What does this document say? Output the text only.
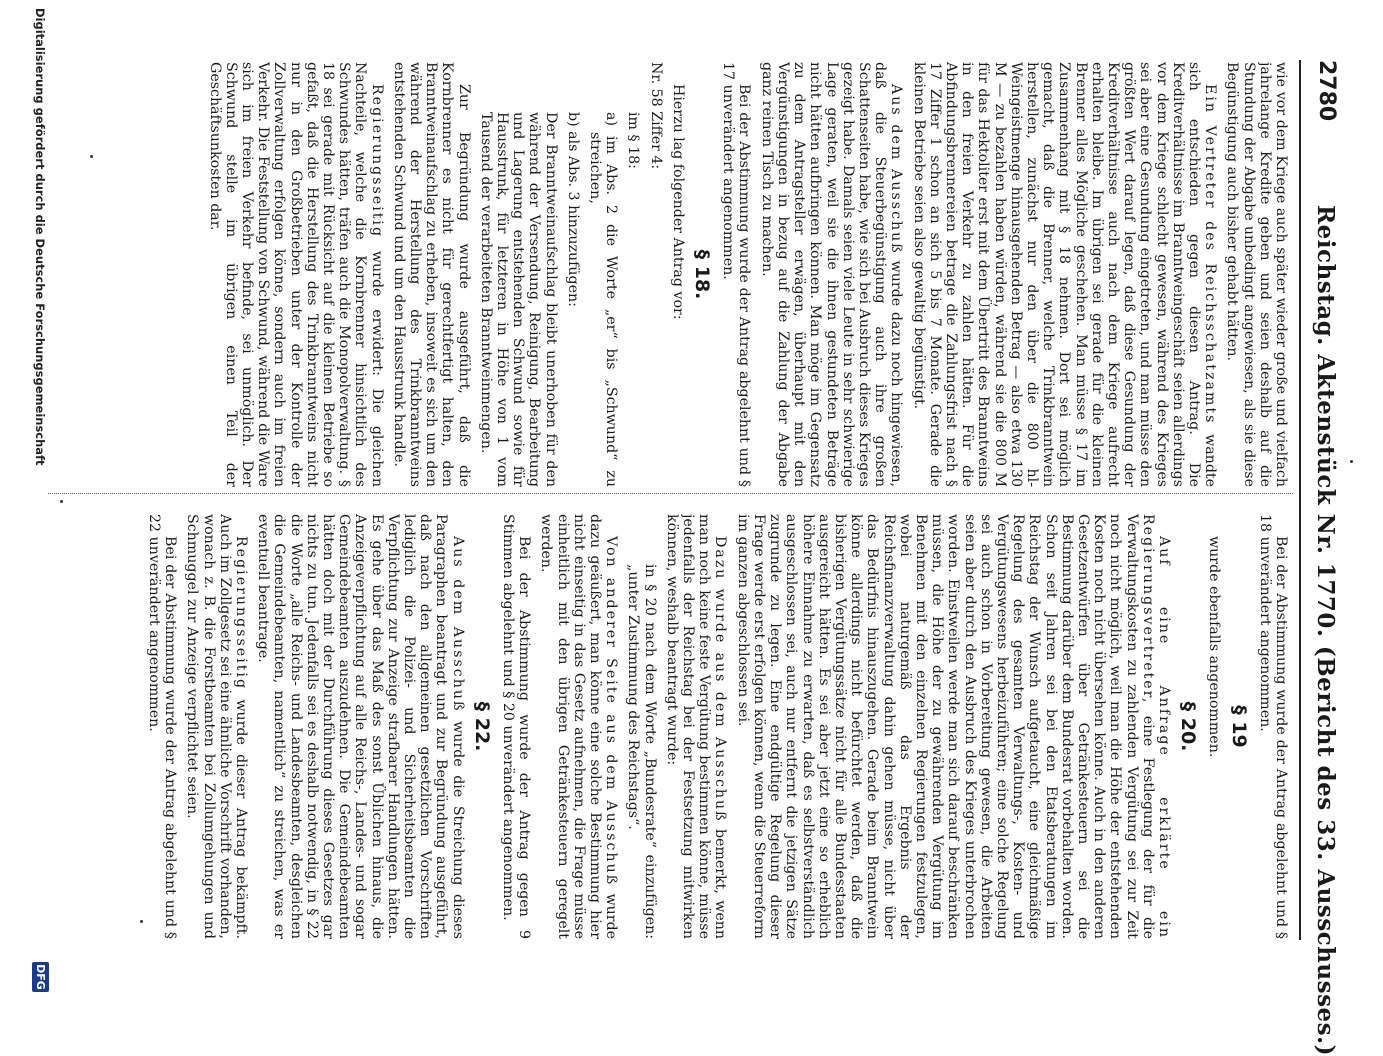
2780
Reichstag. Aktenstück Nr. 1770. (Bericht des 33. Ausschusses.)

wie vor dem Kriege auch später wieder große und vielfach jahrelange Kredite geben und seien deshalb auf die Stundung der Abgabe unbedingt angewiesen, als sie diese Begünstigung auch bisher gehabt hätten.

Ein Vertreter des Reichsschatzamts wandte sich entschieden gegen diesen Antrag. Die Kreditverhältnisse im Branntweingeschäft seien allerdings vor dem Kriege schlecht gewesen, während des Krieges sei aber eine Gesundung eingetreten, und man müsse den größten Wert darauf legen, daß diese Gesundung der Kreditverhältnisse auch nach dem Kriege aufrecht erhalten bleibe. Im übrigen sei gerade für die kleinen Brenner alles Mögliche geschehen. Man müsse § 17 im Zusammenhang mit § 18 nehmen. Dort sei möglich gemacht, daß die Brenner, welche Trinkbranntwein herstellen, zunächst nur den über die 800 hl-Weingeistmenge hinausgehenden Betrag — also etwa 130 M — zu bezahlen haben würden, während sie die 800 M für das Hektoliter erst mit dem Übertritt des Branntweins in den freien Verkehr zu zahlen hätten. Für die Abfindungsbrennereien betrage die Zahlungsfrist nach § 17 Ziffer 1 schon an sich 5 bis 7 Monate. Gerade die kleinen Betriebe seien also gewaltig begünstigt.

Aus dem Ausschuß wurde dazu noch hingewiesen, daß die Steuerbegünstigung auch ihre großen Schattenseiten habe, wie sich bei Ausbruch dieses Krieges gezeigt habe. Damals seien viele Leute in sehr schwierige Lage geraten, weil sie die ihnen gestundeten Beträge nicht hätten aufbringen können. Man möge im Gegensatz zu dem Antragsteller erwägen, überhaupt mit den Vergünstigungen in bezug auf die Zahlung der Abgabe ganz reinen Tisch zu machen.

Bei der Abstimmung wurde der Antrag abgelehnt und § 17 unverändert angenommen.

§ 18.

Hierzu lag folgender Antrag vor:

Nr. 58 Ziffer 4:

im § 18:

a) im Abs. 2 die Worte „er“ bis „Schwund“ zu streichen,

b) als Abs. 3 hinzuzufügen:

Der Branntweinaufschlag bleibt unerhoben für den während der Versendung, Reinigung, Bearbeitung und Lagerung entstehenden Schwund sowie für Hausstrunk, für letzteren in Höhe von 1 vom Tausend der verarbeiteten Branntweinmengen.

Zur Begründung wurde ausgeführt, daß die Kornbrenner es nicht für gerechtfertigt halten, den Branntweinaufschlag zu erheben, insoweit es sich um den während der Herstellung des Trinkbranntweins entstehenden Schwund und um den Hausstrunk handle.

Regierungsseitig wurde erwidert: Die gleichen Nachteile, welche die Kornbrenner hinsichtlich des Schwundes hätten, träfen auch die Monopolverwaltung. § 18 sei gerade mit Rücksicht auf die kleinen Betriebe so gefaßt, daß die Herstellung des Trinkbranntweins nicht nur in den Großbetrieben unter der Kontrolle der Zollverwaltung erfolgen könne, sondern auch im freien Verkehr. Die Feststellung von Schwund, während die Ware sich im freien Verkehr befinde, sei unmöglich. Der Schwund stelle im übrigen einen Teil der Geschäftsunkosten dar.

Bei der Abstimmung wurde der Antrag abgelehnt und § 18 unverändert angenommen.

§ 19

wurde ebenfalls angenommen.

§ 20.

Auf eine Anfrage erklärte ein Regierungsvertreter, eine Festlegung der für die Verwaltungskosten zu zahlenden Vergütung sei zur Zeit noch nicht möglich, weil man die Höhe der entstehenden Kosten noch nicht übersehen könne. Auch in den anderen Gesetzentwürfen über Getränkesteuern sei die Bestimmung darüber dem Bundesrat vorbehalten worden. Schon seit Jahren sei bei den Etatsberatungen im Reichstag der Wunsch aufgetaucht, eine gleichmäßige Regelung des gesamten Verwaltungs-, Kosten- und Vergütungswesens herbeizuführen; eine solche Regelung sei auch schon in Vorbereitung gewesen, die Arbeiten seien aber durch den Ausbruch des Krieges unterbrochen worden. Einstweilen werde man sich darauf beschränken müssen, die Höhe der zu gewährenden Vergütung im Benehmen mit den einzelnen Regierungen festzulegen, wobei naturgemäß das Ergebnis der Reichsfinanzverwaltung dahin gehen müsse, nicht über das Bedürfnis hinauszugehen. Gerade beim Branntwein könne allerdings nicht befürchtet werden, daß die bisherigen Vergütungssätze nicht für alle Bundesstaaten ausgereicht hätten. Es sei aber jetzt eine so erheblich höhere Einnahme zu erwarten, daß es selbstverständlich ausgeschlossen sei, auch nur entfernt die jetzigen Sätze zugrunde zu legen. Eine endgültige Regelung dieser Frage werde erst erfolgen können, wenn die Steuerreform im ganzen abgeschlossen sei.

Dazu wurde aus dem Ausschuß bemerkt, wenn man noch keine feste Vergütung bestimmen könne, müsse jedenfalls der Reichstag bei der Festsetzung mitwirken können, weshalb beantragt wurde:

in § 20 nach dem Worte „Bundesrate“ einzufügen: „unter Zustimmung des Reichstags“.

Von anderer Seite aus dem Ausschuß wurde dazu geäußert, man könne eine solche Bestimmung hier nicht einseitig in das Gesetz aufnehmen, die Frage müsse einheitlich mit den übrigen Getränkesteuern geregelt werden.

Bei der Abstimmung wurde der Antrag gegen 9 Stimmen abgelehnt und § 20 unverändert angenommen.

§ 22.

Aus dem Ausschuß wurde die Streichung dieses Paragraphen beantragt und zur Begründung ausgeführt, daß nach den allgemeinen gesetzlichen Vorschriften lediglich die Polizei- und Sicherheitsbeamten die Verpflichtung zur Anzeige strafbarer Handlungen hätten. Es gehe über das Maß des sonst Üblichen hinaus, die Anzeigeverpflichtung auf alle Reichs-, Landes- und sogar Gemeindebeamten auszudehnen. Die Gemeindebeamten hätten doch mit der Durchführung dieses Gesetzes gar nichts zu tun. Jedenfalls sei es deshalb notwendig, in § 22 die Worte „alle Reichs- und Landesbeamten, desgleichen die Gemeindebeamten, namentlich“ zu streichen, was er eventuell beantrage.

Regierungsseitig wurde dieser Antrag bekämpft. Auch im Zollgesetz sei eine ähnliche Vorschrift vorhanden, wonach z. B. die Forstbeamten bei Zollumgehungen und Schmuggel zur Anzeige verpflichtet seien.

Bei der Abstimmung wurde der Antrag abgelehnt und § 22 unverändert angenommen.

Digitalisierung gefördert durch die Deutsche Forschungsgemeinschaft
DFG
